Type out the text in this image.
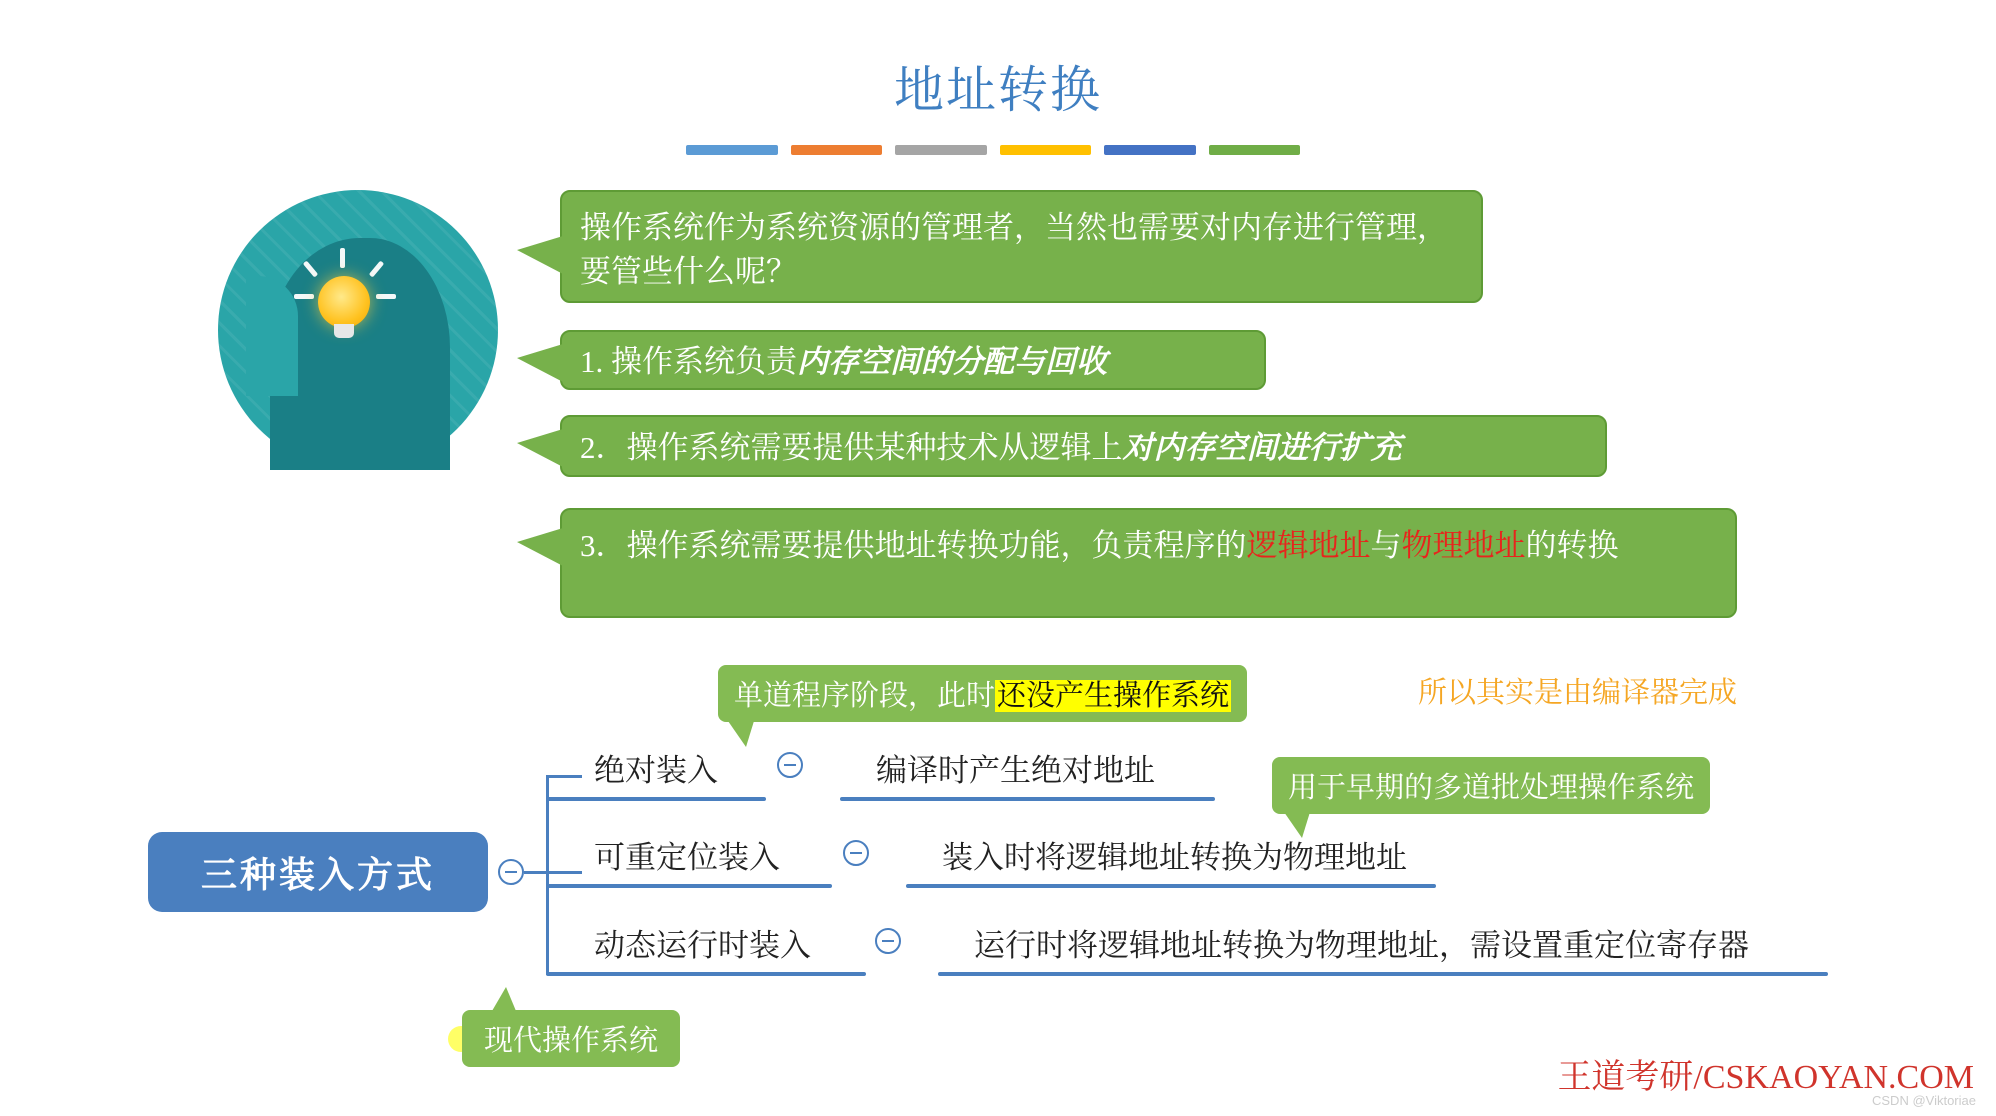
地址转换
操作系统作为系统资源的管理者，当然也需要对内存进行管理，要管些什么呢？
1. 操作系统负责内存空间的分配与回收
2．操作系统需要提供某种技术从逻辑上对内存空间进行扩充
3．操作系统需要提供地址转换功能，负责程序的逻辑地址与物理地址的转换
单道程序阶段，此时还没产生操作系统	所以其实是由编译器完成
用于早期的多道批处理操作系统
三种装入方式
绝对装入	编译时产生绝对地址
可重定位装入	装入时将逻辑地址转换为物理地址
动态运行时装入	运行时将逻辑地址转换为物理地址，需设置重定位寄存器
现代操作系统
王道考研/CSKAOYAN.COM
CSDN @Viktoriae
